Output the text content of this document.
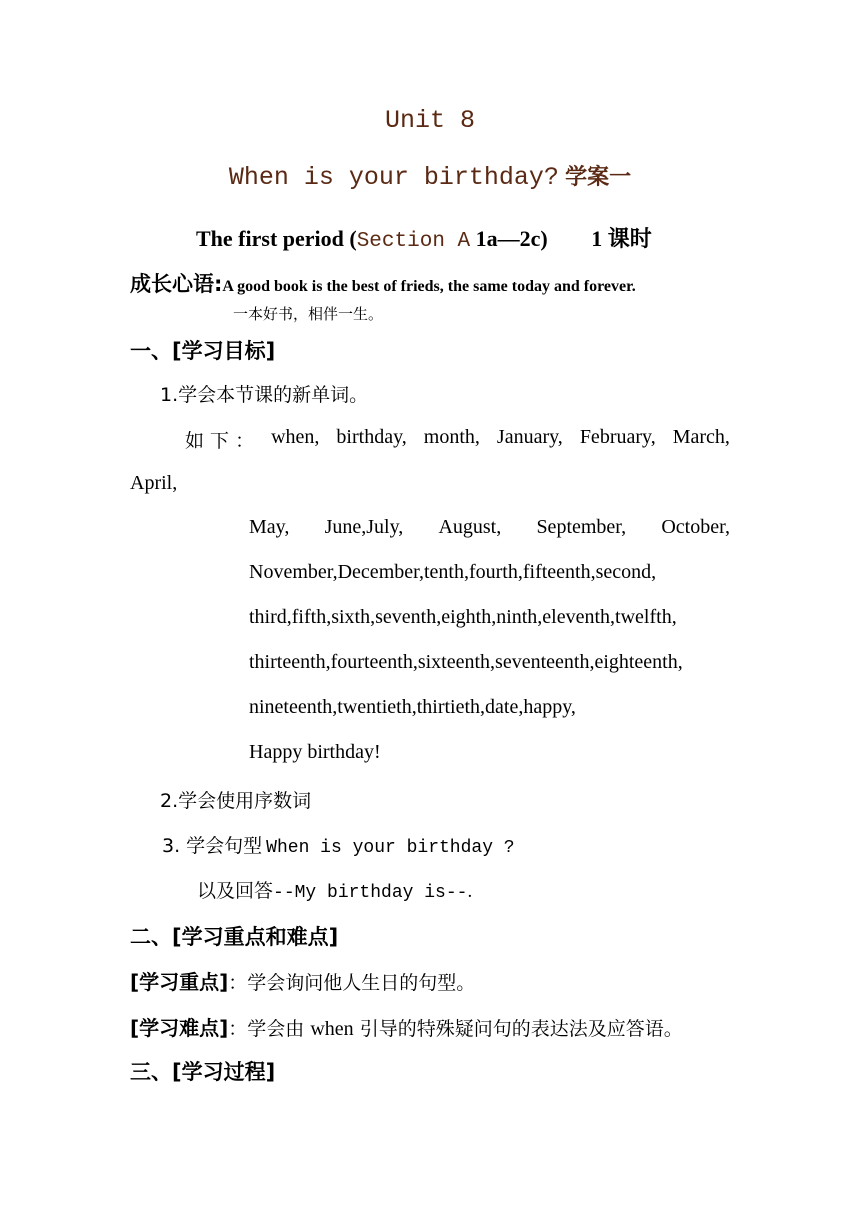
Unit 8
When is your birthday? 学案一
The first period (Section A 1a—2c) 1 课时
成长心语:A good book is the best of frieds, the same today and forever.
一本好书，相伴一生。
一、[学习目标]
1.学会本节课的新单词。
如 下 ： when, birthday, month, January, February, March,
April,
May, June,July, August, September, October,
November,December,tenth,fourth,fifteenth,second,
third,fifth,sixth,seventh,eighth,ninth,eleventh,twelfth,
thirteenth,fourteenth,sixteenth,seventeenth,eighteenth,
nineteenth,twentieth,thirtieth,date,happy,
Happy birthday!
2.学会使用序数词
3. 学会句型 When is your birthday ?
以及回答--My birthday is--.
二、[学习重点和难点]
[学习重点]：学会询问他人生日的句型。
[学习难点]：学会由 when 引导的特殊疑问句的表达法及应答语。
三、[学习过程]
